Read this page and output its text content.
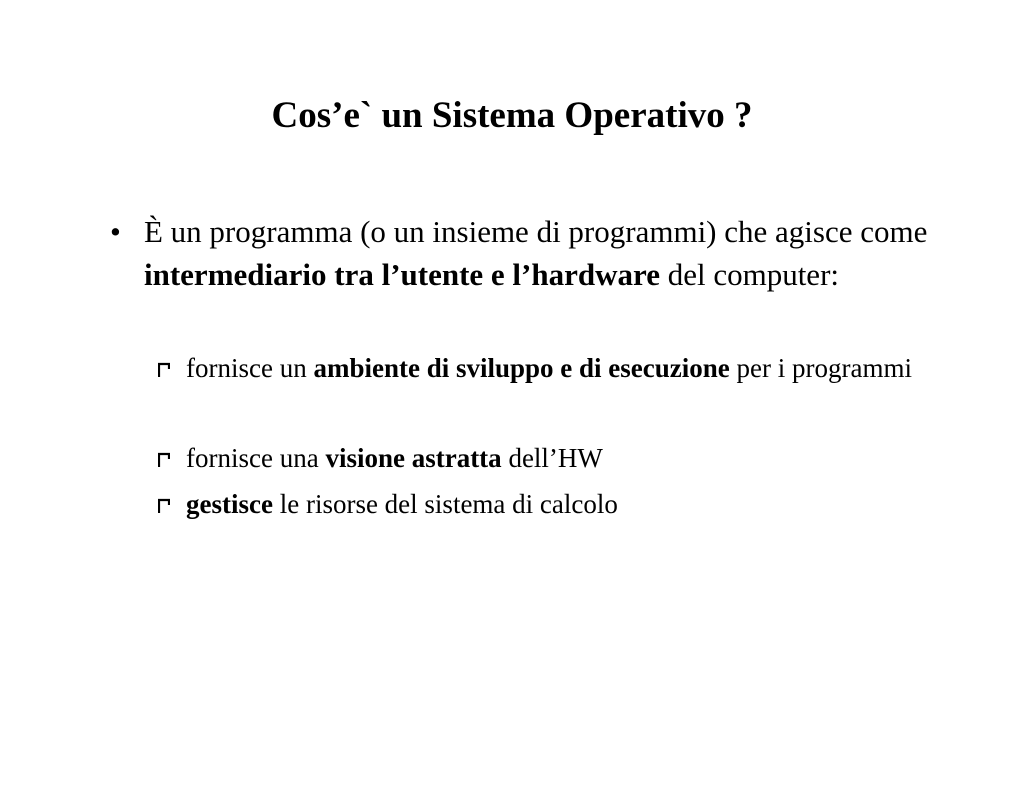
Cos’e` un Sistema Operativo ?
• È un programma (o un insieme di programmi) che agisce come intermediario tra l’utente e l’hardware del computer:
fornisce un ambiente di sviluppo e di esecuzione per i programmi
fornisce una visione astratta dell’HW
gestisce le risorse del sistema di calcolo
